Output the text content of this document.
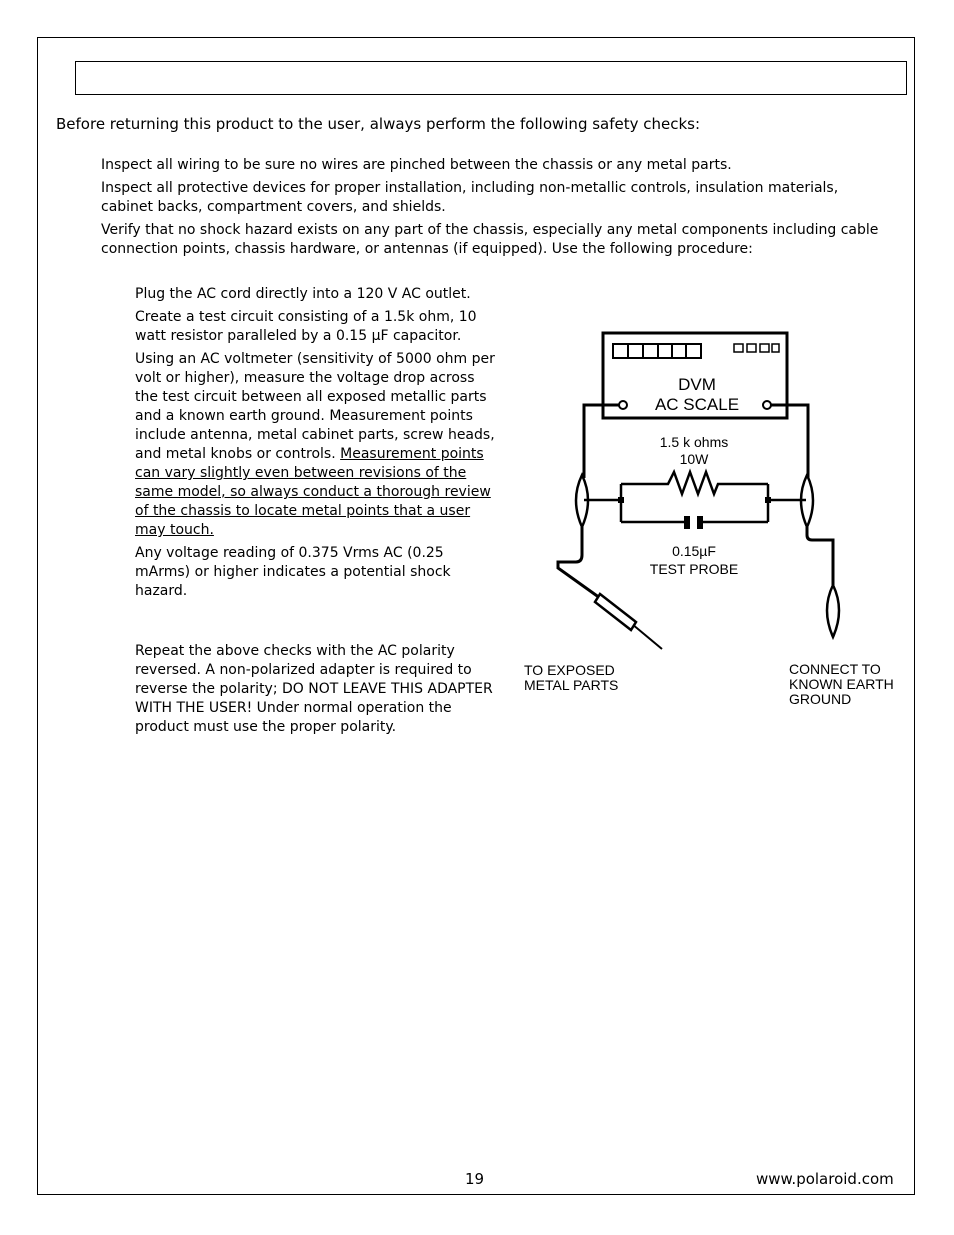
Before returning this product to the user, always perform the following safety checks:

Inspect all wiring to be sure no wires are pinched between the chassis or any metal parts.

Inspect all protective devices for proper installation, including non-metallic controls, insulation materials, cabinet backs, compartment covers, and shields.

Verify that no shock hazard exists on any part of the chassis, especially any metal components including cable connection points, chassis hardware, or antennas (if equipped). Use the following procedure:

Plug the AC cord directly into a 120 V AC outlet.

Create a test circuit consisting of a 1.5k ohm, 10 watt resistor paralleled by a 0.15 µF capacitor.

Using an AC voltmeter (sensitivity of 5000 ohm per volt or higher), measure the voltage drop across the test circuit between all exposed metallic parts and a known earth ground. Measurement points include antenna, metal cabinet parts, screw heads, and metal knobs or controls. Measurement points can vary slightly even between revisions of the same model, so always conduct a thorough review of the chassis to locate metal points that a user may touch.

Any voltage reading of 0.375 Vrms AC (0.25 mArms) or higher indicates a potential shock hazard.

Repeat the above checks with the AC polarity reversed. A non-polarized adapter is required to reverse the polarity; DO NOT LEAVE THIS ADAPTER WITH THE USER! Under normal operation the product must use the proper polarity.

DVM
AC SCALE
1.5 k ohms
10W
0.15µF
TEST PROBE
TO EXPOSED
METAL PARTS
CONNECT TO
KNOWN EARTH
GROUND
19	www.polaroid.com
